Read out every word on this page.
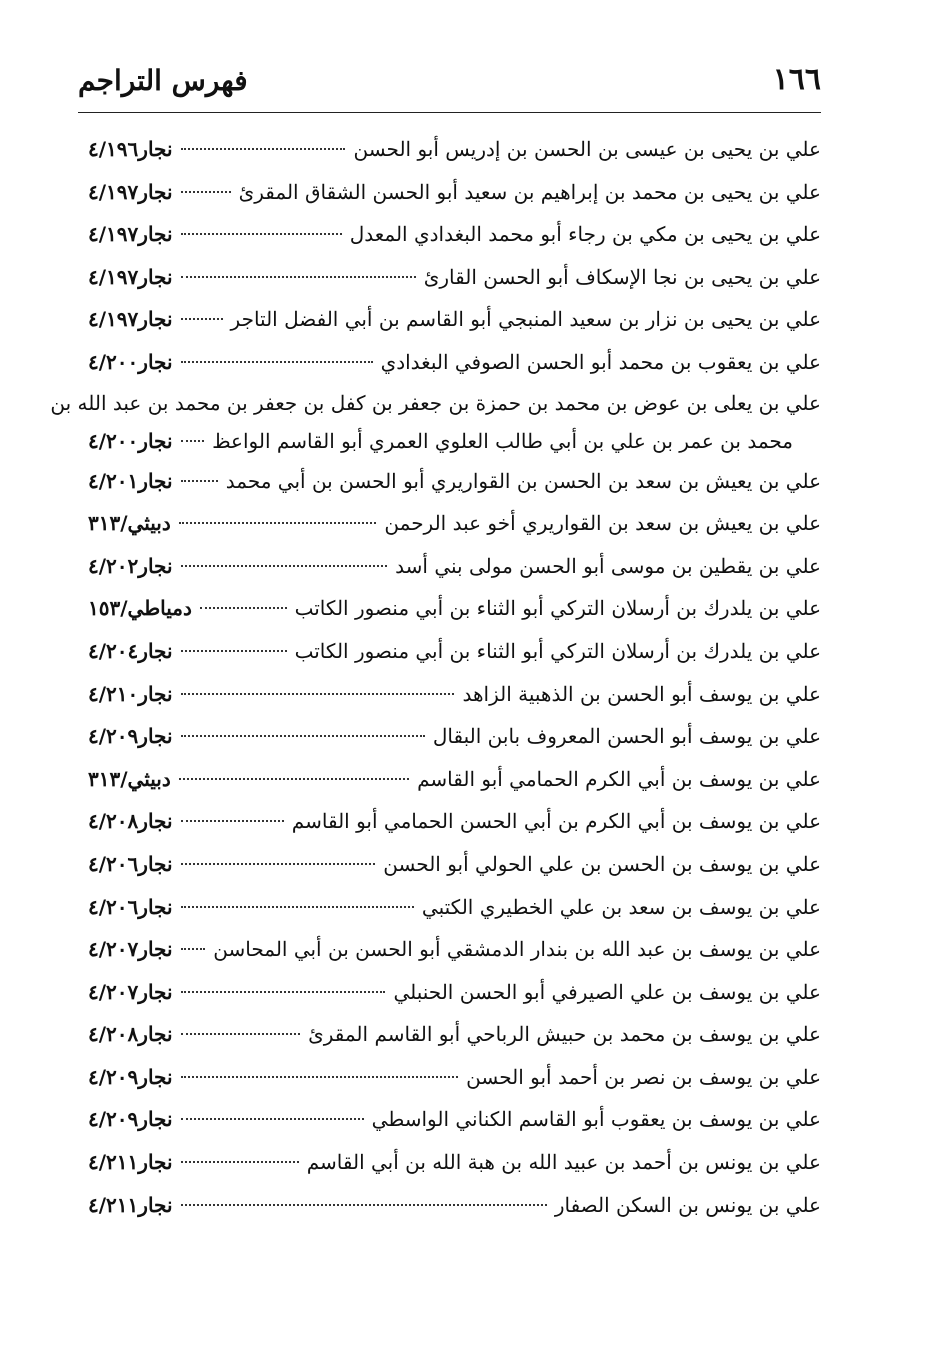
١٦٦
فهرس التراجم
علي بن يحيى بن عيسى بن الحسن بن إدريس أبو الحسن
نجار٤/١٩٦
علي بن يحيى بن محمد بن إبراهيم بن سعيد أبو الحسن الشقاق المقرئ
نجار٤/١٩٧
علي بن يحيى بن مكي بن رجاء أبو محمد البغدادي المعدل
نجار٤/١٩٧
علي بن يحيى بن نجا الإسكاف أبو الحسن القارئ
نجار٤/١٩٧
علي بن يحيى بن نزار بن سعيد المنبجي أبو القاسم بن أبي الفضل التاجر
نجار٤/١٩٧
علي بن يعقوب بن محمد أبو الحسن الصوفي البغدادي
نجار٤/٢٠٠
علي بن يعلى بن عوض بن محمد بن حمزة بن جعفر بن كفل بن جعفر بن محمد بن عبد الله بن
محمد بن عمر بن علي بن أبي طالب العلوي العمري أبو القاسم الواعظ
نجار٤/٢٠٠
علي بن يعيش بن سعد بن الحسن بن القواريري أبو الحسن بن أبي محمد
نجار٤/٢٠١
علي بن يعيش بن سعد بن القواريري أخو عبد الرحمن
دبيثي/٣١٣
علي بن يقطين بن موسى أبو الحسن مولى بني أسد
نجار٤/٢٠٢
علي بن يلدرك بن أرسلان التركي أبو الثناء بن أبي منصور الكاتب
دمياطي/١٥٣
علي بن يلدرك بن أرسلان التركي أبو الثناء بن أبي منصور الكاتب
نجار٤/٢٠٤
علي بن يوسف أبو الحسن بن الذهبية الزاهد
نجار٤/٢١٠
علي بن يوسف أبو الحسن المعروف بابن البقال
نجار٤/٢٠٩
علي بن يوسف بن أبي الكرم الحمامي أبو القاسم
دبيثي/٣١٣
علي بن يوسف بن أبي الكرم بن أبي الحسن الحمامي أبو القاسم
نجار٤/٢٠٨
علي بن يوسف بن الحسن بن علي الحولي أبو الحسن
نجار٤/٢٠٦
علي بن يوسف بن سعد بن علي الخطيري الكتبي
نجار٤/٢٠٦
علي بن يوسف بن عبد الله بن بندار الدمشقي أبو الحسن بن أبي المحاسن
نجار٤/٢٠٧
علي بن يوسف بن علي الصيرفي أبو الحسن الحنبلي
نجار٤/٢٠٧
علي بن يوسف بن محمد بن حبيش الرباحي أبو القاسم المقرئ
نجار٤/٢٠٨
علي بن يوسف بن نصر بن أحمد أبو الحسن
نجار٤/٢٠٩
علي بن يوسف بن يعقوب أبو القاسم الكناني الواسطي
نجار٤/٢٠٩
علي بن يونس بن أحمد بن عبيد الله بن هبة الله بن أبي القاسم
نجار٤/٢١١
علي بن يونس بن السكن الصفار
نجار٤/٢١١
